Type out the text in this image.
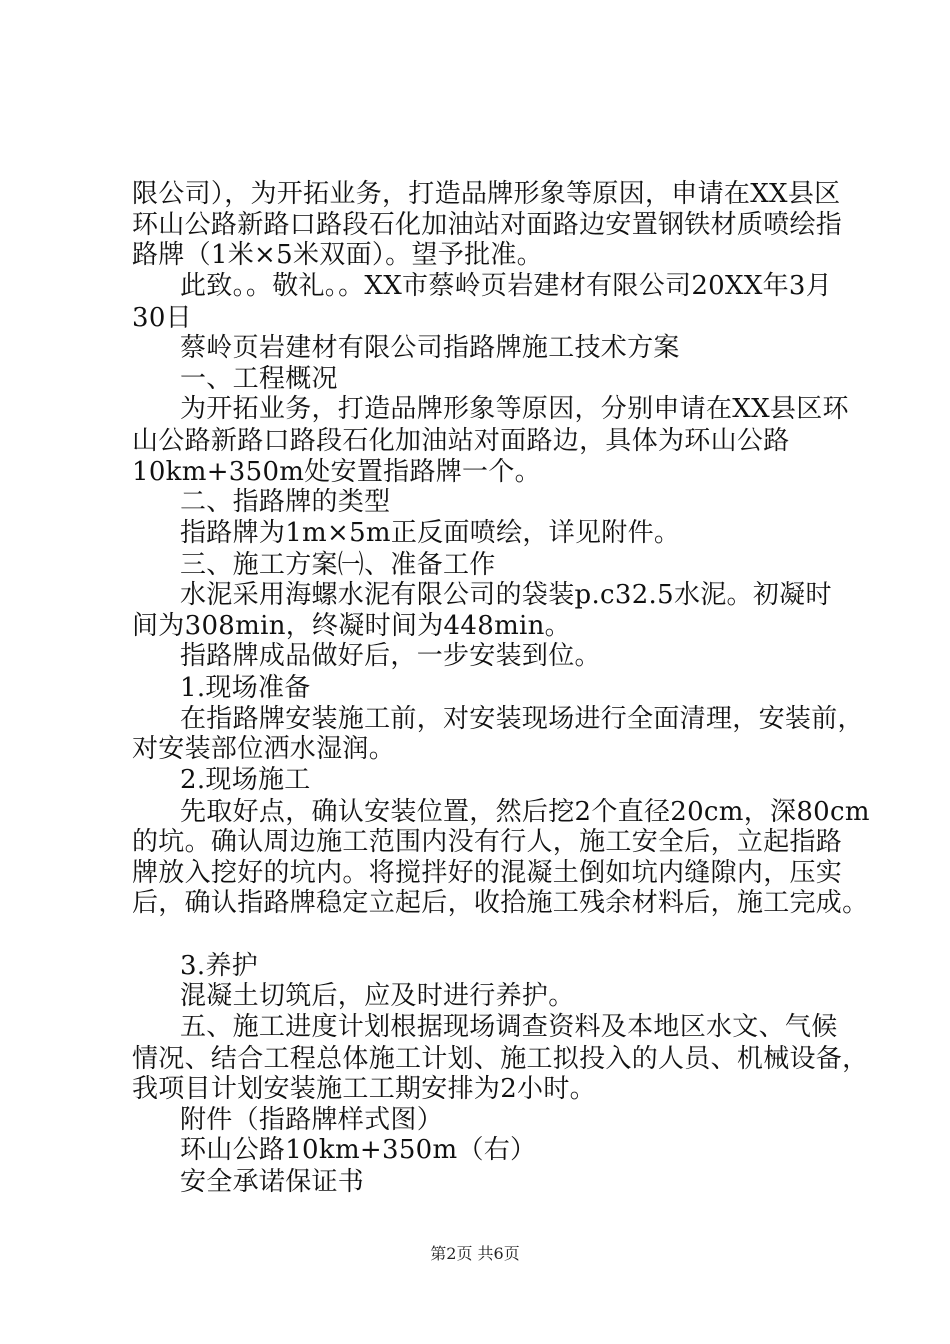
限公司），为开拓业务，打造品牌形象等原因，申请在XX县区
环山公路新路口路段石化加油站对面路边安置钢铁材质喷绘指
路牌（1米×5米双面）。望予批准。
此致。。敬礼。。XX市蔡岭页岩建材有限公司20XX年3月
30日
蔡岭页岩建材有限公司指路牌施工技术方案
一、工程概况
为开拓业务，打造品牌形象等原因，分别申请在XX县区环
山公路新路口路段石化加油站对面路边，具体为环山公路
10km+350m处安置指路牌一个。
二、指路牌的类型
指路牌为1m×5m正反面喷绘，详见附件。
三、施工方案㈠、准备工作
水泥采用海螺水泥有限公司的袋装p.c32.5水泥。初凝时
间为308min，终凝时间为448min。
指路牌成品做好后，一步安装到位。
1.现场准备
在指路牌安装施工前，对安装现场进行全面清理，安装前，
对安装部位洒水湿润。
2.现场施工
先取好点，确认安装位置，然后挖2个直径20cm，深80cm
的坑。确认周边施工范围内没有行人，施工安全后，立起指路
牌放入挖好的坑内。将搅拌好的混凝土倒如坑内缝隙内，压实
后，确认指路牌稳定立起后，收拾施工残余材料后，施工完成。
3.养护
混凝土切筑后，应及时进行养护。
五、施工进度计划根据现场调查资料及本地区水文、气候
情况、结合工程总体施工计划、施工拟投入的人员、机械设备，
我项目计划安装施工工期安排为2小时。
附件（指路牌样式图）
环山公路10km+350m（右）
安全承诺保证书
第2页 共6页
